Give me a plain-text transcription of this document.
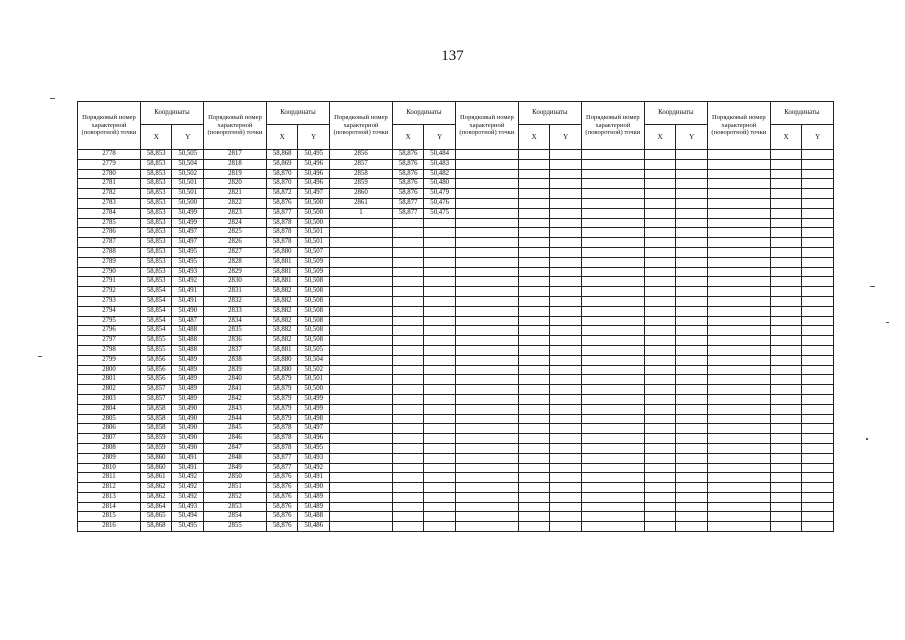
137
Порядковый номер характерной (поворотной) точки	Координаты		Порядковый номер характерной (поворотной) точки	Координаты		Порядковый номер характерной (поворотной) точки	Координаты		Порядковый номер характерной (поворотной) точки	Координаты		Порядковый номер характерной (поворотной) точки	Координаты		Порядковый номер характерной (поворотной) точки	Координаты	
	X	Y		X	Y		X	Y		X	Y		X	Y		X	Y
2778	58,853	50,505	2817	58,868	50,495	2856	58,876	50,484									
2779	58,853	50,504	2818	58,869	50,496	2857	58,876	50,483									
2780	58,853	50,502	2819	58,870	50,496	2858	58,876	50,482									
2781	58,853	50,501	2820	58,870	50,496	2859	58,876	50,480									
2782	58,853	50,501	2821	58,872	50,497	2860	58,876	50,479									
2783	58,853	50,500	2822	58,876	50,500	2861	58,877	50,476									
2784	58,853	50,499	2823	58,877	50,500	1	58,877	50,475									
2785	58,853	50,499	2824	58,878	50,500												
2786	58,853	50,497	2825	58,878	50,501												
2787	58,853	50,497	2826	58,878	50,501												
2788	58,853	50,495	2827	58,880	50,507												
2789	58,853	50,495	2828	58,881	50,509												
2790	58,853	50,493	2829	58,881	50,509												
2791	58,853	50,492	2830	58,881	50,508												
2792	58,854	50,491	2831	58,882	50,508												
2793	58,854	50,491	2832	58,882	50,508												
2794	58,854	50,490	2833	58,882	50,508												
2795	58,854	50,487	2834	58,882	50,508												
2796	58,854	50,488	2835	58,882	50,508												
2797	58,855	50,488	2836	58,882	50,508												
2798	58,855	50,488	2837	58,881	50,505												
2799	58,856	50,489	2838	58,880	50,504												
2800	58,856	50,489	2839	58,880	50,502												
2801	58,856	50,489	2840	58,879	50,501												
2802	58,857	50,489	2841	58,879	50,500												
2803	58,857	50,489	2842	58,879	50,499												
2804	58,858	50,490	2843	58,879	50,499												
2805	58,858	50,490	2844	58,879	50,498												
2806	58,858	50,490	2845	58,878	50,497												
2807	58,859	50,490	2846	58,878	50,496												
2808	58,859	50,490	2847	58,878	50,495												
2809	58,860	50,491	2848	58,877	50,493												
2810	58,860	50,491	2849	58,877	50,492												
2811	58,861	50,492	2850	58,876	50,491												
2812	58,862	50,492	2851	58,876	50,490												
2813	58,862	50,492	2852	58,876	50,489												
2814	58,864	50,493	2853	58,876	50,489												
2815	58,865	50,494	2854	58,876	50,488												
2816	58,868	50,495	2855	58,876	50,486												
